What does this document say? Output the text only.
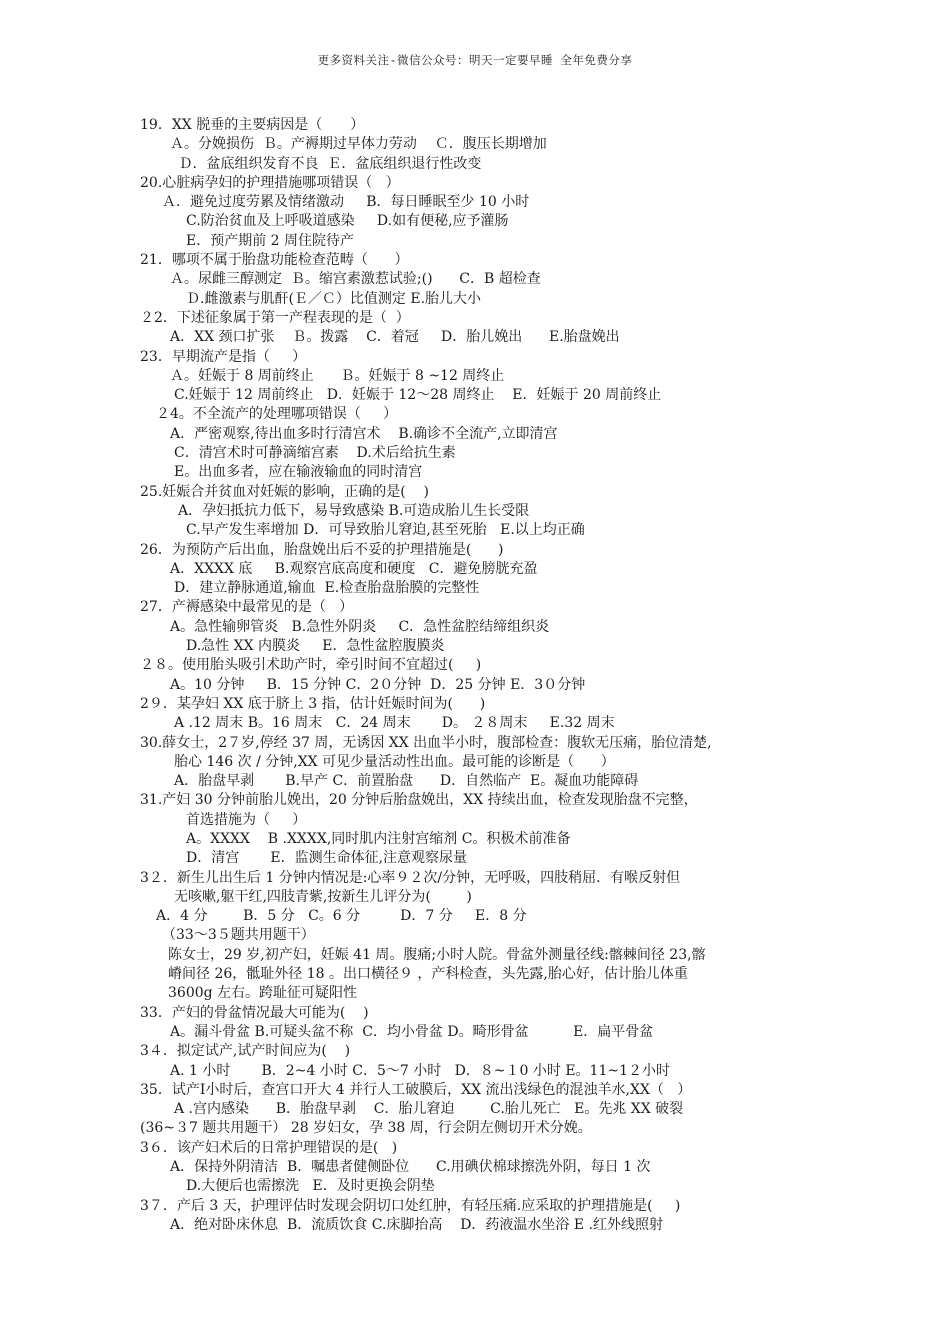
更多资料关注-微信公众号：明天一定要早睡 全年免费分享
19．XX 脱垂的主要病因是（　　）
Ａ。分娩损伤  Ｂ。产褥期过早体力劳动    Ｃ．腹压长期增加
Ｄ．盆底组织发育不良  Ｅ．盆底组织退行性改变
20.心脏病孕妇的护理措施哪项错误（   ）
Ａ．避免过度劳累及情绪激动     B．每日睡眠至少 10 小时
C.防治贫血及上呼吸道感染     D.如有便秘,应予灌肠
E．预产期前 2 周住院待产
21．哪项不属于胎盘功能检查范畴（      ）
Ａ。尿雌三醇测定  Ｂ。缩宫素激惹试验;()      C．B 超检查
Ｄ.雌激素与肌酐(Ｅ／Ｃ）比值测定 E.胎儿大小
２2．下述征象属于第一产程表现的是（  ）
A．XX 颈口扩张    Ｂ。拨露    C．着冠     D．胎儿娩出      E.胎盘娩出
23．早期流产是指（     ）
Ａ。妊娠于 8 周前终止      Ｂ。妊娠于 8 ~12 周终止
C.妊娠于 12 周前终止   D．妊娠于 12～28 周终止    E．妊娠于 20 周前终止
２4。不全流产的处理哪项错误（     ）
A．严密观察,待出血多时行清宫术    B.确诊不全流产,立即清宫
C．清宫术时可静滴缩宫素    D.术后给抗生素
E。出血多者，应在输液输血的同时清宫
25.妊娠合并贫血对妊娠的影响，正确的是(    )
A．孕妇抵抗力低下，易导致感染 B.可造成胎儿生长受限
C.早产发生率增加 D．可导致胎儿窘迫,甚至死胎   E.以上均正确
26．为预防产后出血，胎盘娩出后不妥的护理措施是(      )
A．XXXX 底     B.观察宫底高度和硬度   C．避免膀胱充盈
D．建立静脉通道,输血  E.检查胎盘胎膜的完整性
27．产褥感染中最常见的是（   ）
A。急性输卵管炎   B.急性外阴炎     C．急性盆腔结缔组织炎
D.急性 XX 内膜炎     E．急性盆腔腹膜炎
２８。使用胎头吸引术助产时，牵引时间不宜超过(     )
A。10 分钟     B．15 分钟 C．2０分钟  D．25 分钟 E．3０分钟
2９．某孕妇 XX 底于脐上 3 指，估计妊娠时间为(      )
A .12 周末 B。16 周末   C．24 周末       D。 ２８周末     E.32 周末
30.薛女士，2７岁,停经 37 周，无诱因 XX 出血半小时，腹部检查：腹软无压痛，胎位清楚,
胎心 146 次 / 分钟,XX 可见少量活动性出血。最可能的诊断是（      ）
A．胎盘早剥       B.早产 C．前置胎盘      D．自然临产  E。凝血功能障碍
31.产妇 30 分钟前胎儿娩出，20 分钟后胎盘娩出，XX 持续出血，检查发现胎盘不完整，
首选措施为（     ）
A。XXXX    B .XXXX,同时肌内注射宫缩剂 C。积极术前准备
D．清宫       E．监测生命体征,注意观察尿量
3２．新生儿出生后 1 分钟内情况是:心率９２次/分钟，无呼吸，四肢稍屈．有喉反射但
无咳嗽,躯干红,四肢青紫,按新生儿评分为(        )
A．4 分        B．5 分   C。6 分         D．7 分     E．8 分
（33～3５题共用题干）
陈女士，29 岁,初产妇，妊娠 41 周。腹痛;小时人院。骨盆外测量径线:髂棘间径 23,髂
嵴间径 26，骶耻外径 18 。出口横径９ ，产科检查，头先露,胎心好，估计胎儿体重
3600g 左右。跨耻征可疑阳性
33．产妇的骨盆情况最大可能为(    )
A。漏斗骨盆 B.可疑头盆不称  C．均小骨盆 D。畸形骨盆          E．扁平骨盆
3４．拟定试产,试产时间应为(    )
A. 1 小时       B．2~4 小时 C．5～7 小时   D．８~１0 小时 E。11~1２小时
35．试产Ⅰ小时后，查宫口开大 4 并行人工破膜后，XX 流出浅绿色的混浊羊水,XX（   ）
A .宫内感染      B．胎盘早剥    C．胎儿窘迫        C.胎儿死亡   E。先兆 XX 破裂
(36~３7 题共用题干） 28 岁妇女，孕 38 周，行会阴左侧切开术分娩。
3６．该产妇术后的日常护理错误的是(   )
A．保持外阴清洁  B．嘱患者健侧卧位      C.用碘伏棉球擦洗外阴，每日 1 次
D.大便后也需擦洗   E．及时更换会阴垫
3７．产后 3 天，护理评估时发现会阴切口处红肿，有轻压痛.应采取的护理措施是(     )
A．绝对卧床休息  B．流质饮食 C.床脚抬高    D．药液温水坐浴 E .红外线照射
